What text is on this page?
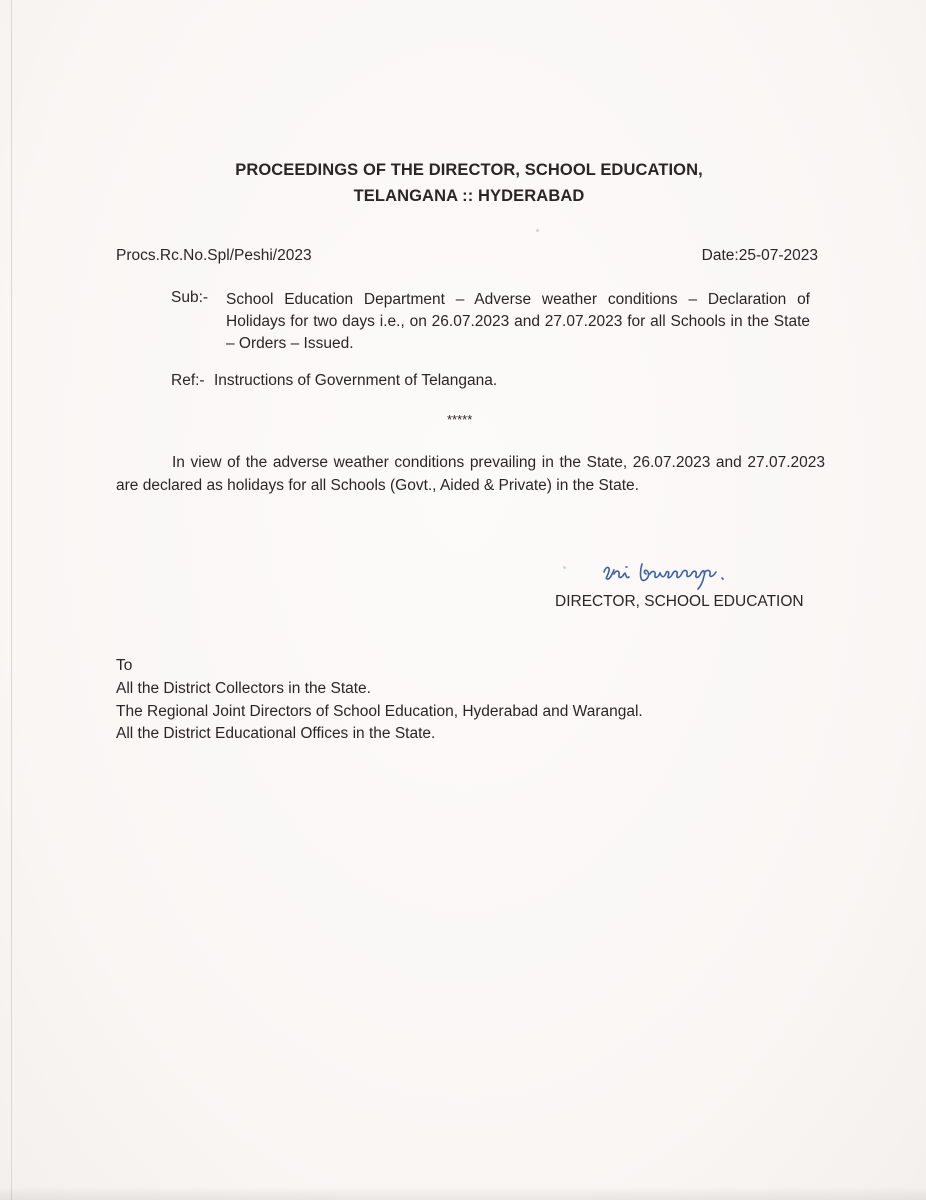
PROCEEDINGS OF THE DIRECTOR, SCHOOL EDUCATION,
TELANGANA :: HYDERABAD
Procs.Rc.No.Spl/Peshi/2023	Date:25-07-2023
Sub:- School Education Department – Adverse weather conditions – Declaration of Holidays for two days i.e., on 26.07.2023 and 27.07.2023 for all Schools in the State – Orders – Issued.
Ref:- Instructions of Government of Telangana.
*****
In view of the adverse weather conditions prevailing in the State, 26.07.2023 and 27.07.2023 are declared as holidays for all Schools (Govt., Aided & Private) in the State.
DIRECTOR, SCHOOL EDUCATION
To
All the District Collectors in the State.
The Regional Joint Directors of School Education, Hyderabad and Warangal.
All the District Educational Offices in the State.
